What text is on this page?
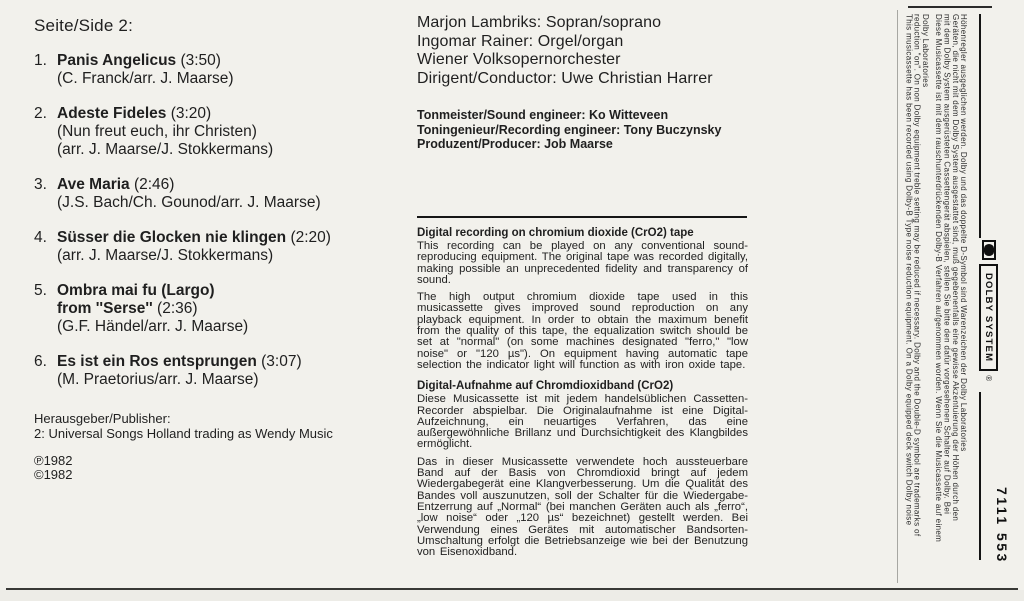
Seite/Side 2:
1. Panis Angelicus (3:50)
(C. Franck/arr. J. Maarse)
2. Adeste Fideles (3:20)
(Nun freut euch, ihr Christen)
(arr. J. Maarse/J. Stokkermans)
3. Ave Maria (2:46)
(J.S. Bach/Ch. Gounod/arr. J. Maarse)
4. Süsser die Glocken nie klingen (2:20)
(arr. J. Maarse/J. Stokkermans)
5. Ombra mai fu (Largo)
from ''Serse'' (2:36)
(G.F. Händel/arr. J. Maarse)
6. Es ist ein Ros entsprungen (3:07)
(M. Praetorius/arr. J. Maarse)
Herausgeber/Publisher:
2: Universal Songs Holland trading as Wendy Music
℗1982
©1982
Marjon Lambriks: Sopran/soprano
Ingomar Rainer: Orgel/organ
Wiener Volksopernorchester
Dirigent/Conductor: Uwe Christian Harrer
Tonmeister/Sound engineer: Ko Witteveen
Toningenieur/Recording engineer: Tony Buczynsky
Produzent/Producer: Job Maarse
Digital recording on chromium dioxide (CrO2) tape

This recording can be played on any conventional sound-reproducing equipment. The original tape was recorded digitally, making possible an unprecedented fidelity and transparency of sound.

The high output chromium dioxide tape used in this musicassette gives improved sound reproduction on any playback equipment. In order to obtain the maximum benefit from the quality of this tape, the equalization switch should be set at "normal" (on some machines designated "ferro," "low noise" or "120 µs"). On equipment having automatic tape selection the indicator light will function as with iron oxide tape.

Digital-Aufnahme auf Chromdioxidband (CrO2)

Diese Musicassette ist mit jedem handelsüblichen Cassetten-Recorder abspielbar. Die Originalaufnahme ist eine Digital-Aufzeichnung, ein neuartiges Verfahren, das eine außergewöhnliche Brillanz und Durchsichtigkeit des Klangbildes ermöglicht.

Das in dieser Musicassette verwendete hoch aussteuerbare Band auf der Basis von Chromdioxid bringt auf jedem Wiedergabegerät eine Klangverbesserung. Um die Qualität des Bandes voll auszunutzen, soll der Schalter für die Wiedergabe-Entzerrung auf „Normal“ (bei manchen Geräten auch als „ferro“, „low noise“ oder „120 µs“ bezeichnet) gestellt werden. Bei Verwendung eines Gerätes mit automatischer Bandsorten-Umschaltung erfolgt die Betriebsanzeige wie bei der Benutzung von Eisenoxidband.

This musicassette has been recorded using Dolby-B Type noise reduction equipment. On a Dolby equipped deck switch Dolby noise reduction "on". On non Dolby equipment treble setting may be reduced if necessary. Dolby and the Double-D symbol are trademarks of Dolby Laboratories Diese Musicassette ist mit dem rauschunterdrückenden Dolby-B Verfahren aufgenommen worden. Wenn Sie die Musicassette auf einem mit dem Dolby System ausgerüsteten Cassettengerät abspielen, stellen Sie bitte den dafür vorgesehenen Schalter auf Dolby. Bei Geräten, die nicht mit dem Dolby System ausgestattet sind, muß gegebenenfalls eine gewisse Akzentuierung der Höhen durch den Höhenregler ausgeglichen werden. Dolby und das doppelte D-Symbol sind Warenzeichen der Dolby Laboratories	DOLBY SYSTEM
®
7111 553
